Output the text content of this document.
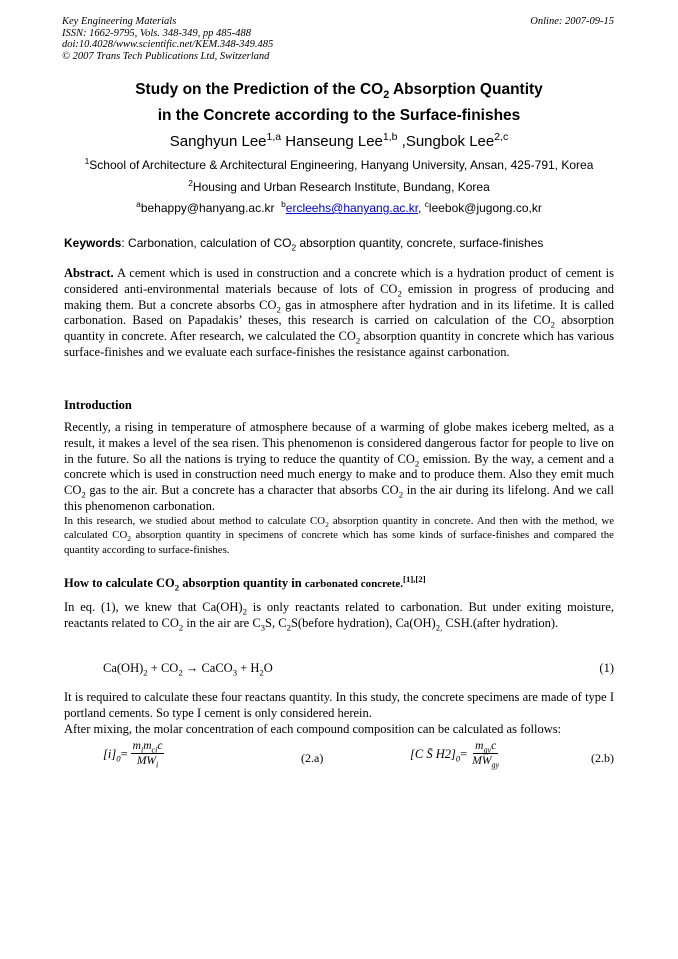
Key Engineering Materials
ISSN: 1662-9795, Vols. 348-349, pp 485-488
doi:10.4028/www.scientific.net/KEM.348-349.485
© 2007 Trans Tech Publications Ltd, Switzerland
Online: 2007-09-15
Study on the Prediction of the $CO_2$ Absorption Quantity
in the Concrete according to the Surface-finishes
Sanghyun Lee$^{1,a}$ Hanseung Lee$^{1,b}$ ,Sungbok Lee$^{2,c}$
$^1$School of Architecture & Architectural Engineering, Hanyang University, Ansan, 425-791, Korea
$^2$Housing and Urban Research Institute, Bundang, Korea
$^a$behappy@hanyang.ac.kr $^b$ercleehs@hanyang.ac.kr, $^c$leebok@jugong.co,kr
Keywords: Carbonation, calculation of $CO_2$ absorption quantity, concrete, surface-finishes
Abstract. A cement which is used in construction and a concrete which is a hydration product of cement is considered anti-environmental materials because of lots of $CO_2$ emission in progress of producing and making them. But a concrete absorbs $CO_2$ gas in atmosphere after hydration and in its lifetime. It is called carbonation. Based on Papadakis’ theses, this research is carried on calculation of the $CO_2$ absorption quantity in concrete. After research, we calculated the $CO_2$ absorption quantity in concrete which has various surface-finishes and we evaluate each surface-finishes the resistance against carbonation.
Introduction
Recently, a rising in temperature of atmosphere because of a warming of globe makes iceberg melted, as a result, it makes a level of the sea risen. This phenomenon is considered dangerous factor for people to live on in the future. So all the nations is trying to reduce the quantity of $CO_2$ emission. By the way, a cement and a concrete which is used in construction need much energy to make and to produce them. Also they emit much $CO_2$ gas to the air. But a concrete has a character that absorbs $CO_2$ in the air during its lifelong. And we call this phenomenon carbonation.
In this research, we studied about method to calculate $CO_2$ absorption quantity in concrete. And then with the method, we calculated $CO_2$ absorption quantity in specimens of concrete which has some kinds of surface-finishes and compared the quantity according to surface-finishes.
How to calculate $CO_2$ absorption quantity in carbonated concrete.[1],[2]
In eq. (1), we knew that $Ca(OH)_2$ is only reactants related to carbonation. But under exiting moisture, reactants related to $CO_2$ in the air are $C_3S$, $C_2S(before$ hydration), $Ca(OH)_{2,}$ CSH.(after hydration).
$Ca(OH)_2 + CO_2$ → CaCO$_3$ + $H_2O$	(1)
It is required to calculate these four reactans quantity. In this study, the concrete specimens are made of type I portland cements. So type I cement is only considered herein.
After mixing, the molar concentration of each compound composition can be calculated as follows:
$[i]_0 = \frac{m_im_{ci}c}{MW_i}$	(2.a)	[C S̄ $H2]_0 = \frac{m_{gy}c}{MW_{gy}}$	(2.b)
